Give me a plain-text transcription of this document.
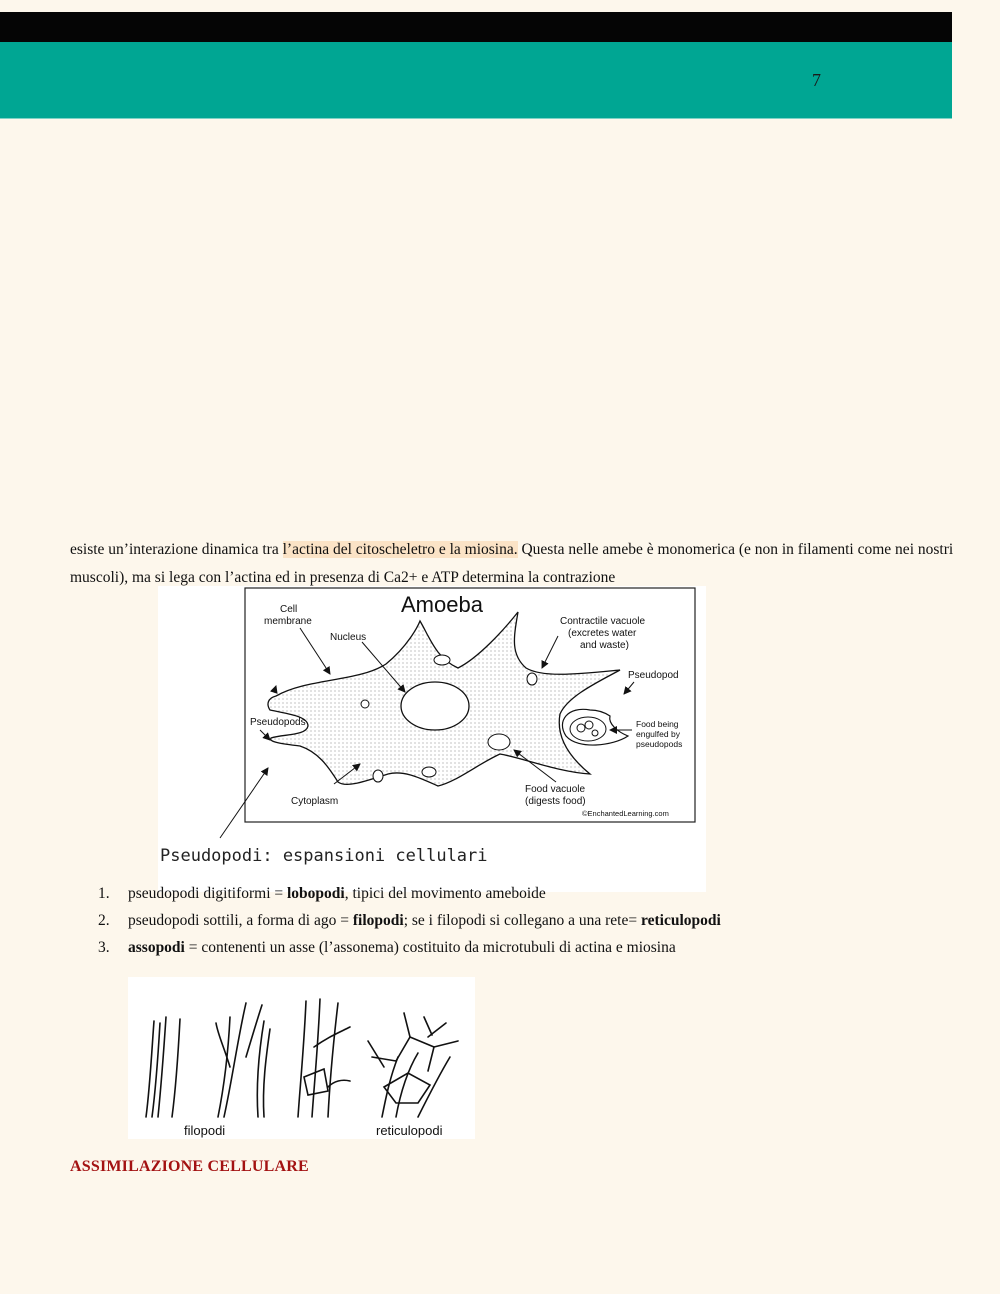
7
esiste un’interazione dinamica tra l’actina del citoscheletro e la miosina. Questa nelle amebe è monomerica (e non in filamenti come nei nostri muscoli), ma si lega con l’actina ed in presenza di Ca2+ e ATP determina la contrazione
Amoeba
Cell
membrane
Nucleus
Contractile vacuole
(excretes water
and waste)
Pseudopod
Pseudopods
Cytoplasm
Food vacuole
(digests food)
Food being
engulfed by
pseudopods
©EnchantedLearning.com
Pseudopodi: espansioni cellulari
1. pseudopodi digitiformi = lobopodi, tipici del movimento ameboide
2. pseudopodi sottili, a forma di ago = filopodi; se i filopodi si collegano a una rete= reticulopodi
3. assopodi = contenenti un asse (l’assonema) costituito da microtubuli di actina e miosina
filopodi	reticulopodi
ASSIMILAZIONE CELLULARE
